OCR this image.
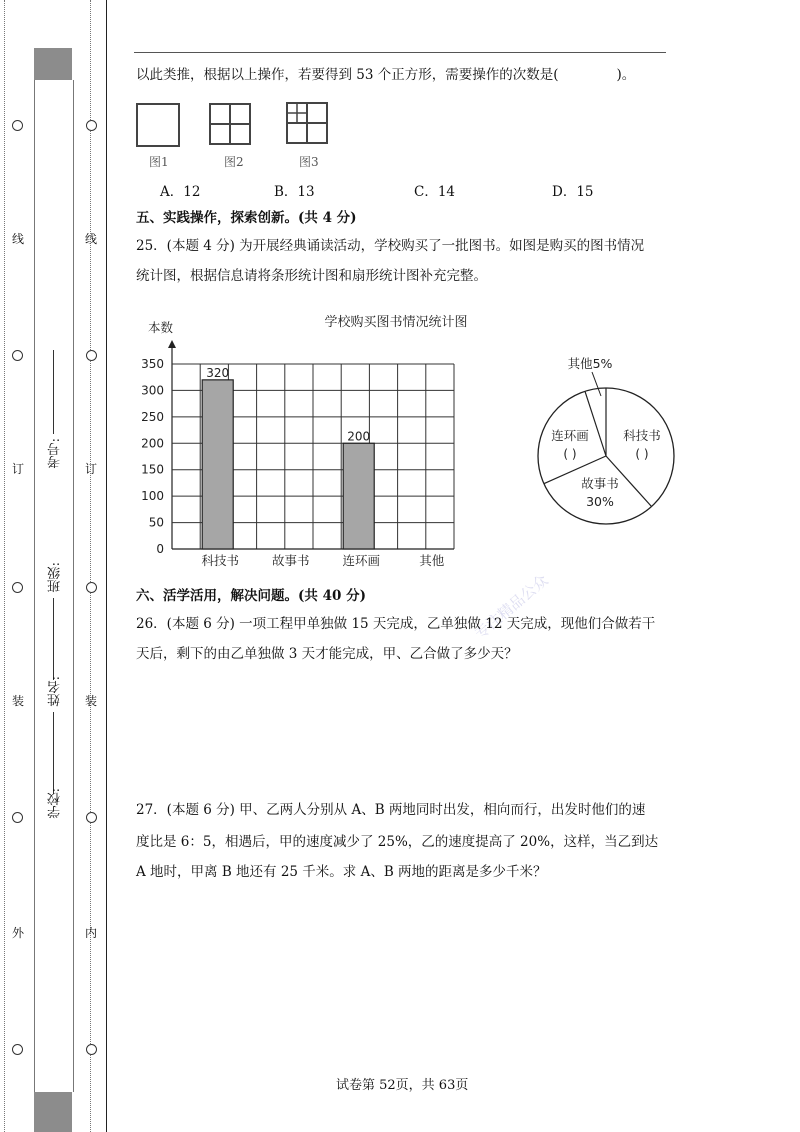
线
订
装
外
线
订
装
内
考号:
班级:
姓名:
学校:
以此类推，根据以上操作，若要得到 53 个正方形，需要操作的次数是(	)。
图1	图2	图3
A．12	B．13	C．14	D．15
五、实践操作，探索创新。(共 4 分)
25．(本题 4 分) 为开展经典诵读活动，学校购买了一批图书。如图是购买的图书情况
统计图，根据信息请将条形统计图和扇形统计图补充完整。
学校购买图书情况统计图
本数
0
50
100
150
200
250
300
350
320
科技书	故事书
200
连环画	其他
其他5%
科技书
( )
连环画
( )
故事书
30%
专注精品公众
六、活学活用，解决问题。(共 40 分)
26．(本题 6 分) 一项工程甲单独做 15 天完成，乙单独做 12 天完成，现他们合做若干
天后，剩下的由乙单独做 3 天才能完成，甲、乙合做了多少天？
27．(本题 6 分) 甲、乙两人分别从 A、B 两地同时出发，相向而行，出发时他们的速
度比是 6：5，相遇后，甲的速度减少了 25%，乙的速度提高了 20%，这样，当乙到达
A 地时，甲离 B 地还有 25 千米。求 A、B 两地的距离是多少千米？
试卷第 52页，共 63页
